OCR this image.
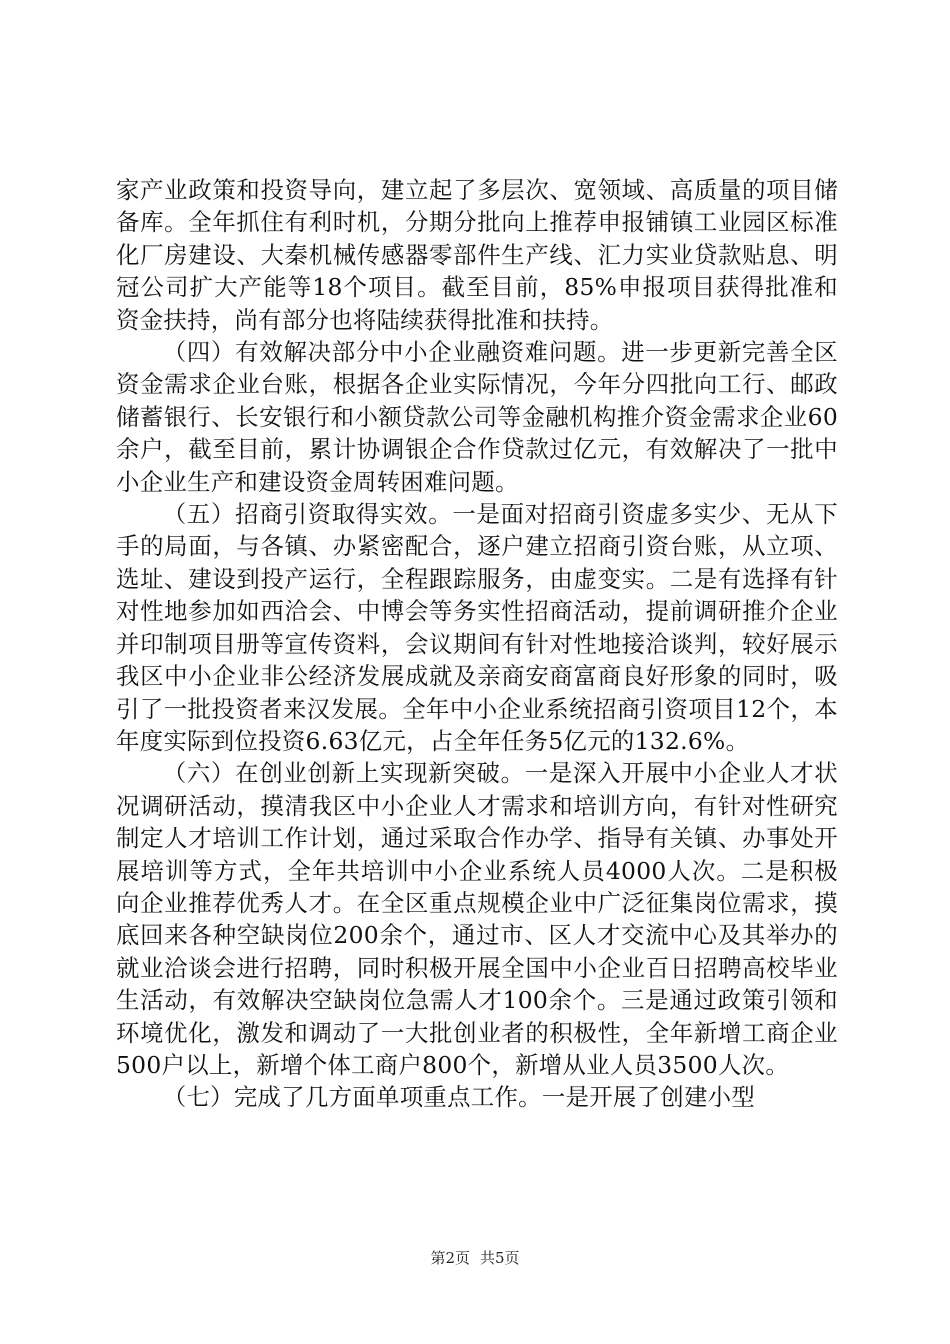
家产业政策和投资导向，建立起了多层次、宽领域、高质量的项目储备库。全年抓住有利时机，分期分批向上推荐申报铺镇工业园区标准化厂房建设、大秦机械传感器零部件生产线、汇力实业贷款贴息、明冠公司扩大产能等18个项目。截至目前，85%申报项目获得批准和资金扶持，尚有部分也将陆续获得批准和扶持。

（四）有效解决部分中小企业融资难问题。进一步更新完善全区资金需求企业台账，根据各企业实际情况，今年分四批向工行、邮政储蓄银行、长安银行和小额贷款公司等金融机构推介资金需求企业60余户，截至目前，累计协调银企合作贷款过亿元，有效解决了一批中小企业生产和建设资金周转困难问题。

（五）招商引资取得实效。一是面对招商引资虚多实少、无从下手的局面，与各镇、办紧密配合，逐户建立招商引资台账，从立项、选址、建设到投产运行，全程跟踪服务，由虚变实。二是有选择有针对性地参加如西洽会、中博会等务实性招商活动，提前调研推介企业并印制项目册等宣传资料，会议期间有针对性地接洽谈判，较好展示我区中小企业非公经济发展成就及亲商安商富商良好形象的同时，吸引了一批投资者来汉发展。全年中小企业系统招商引资项目12个，本年度实际到位投资6.63亿元，占全年任务5亿元的132.6%。

（六）在创业创新上实现新突破。一是深入开展中小企业人才状况调研活动，摸清我区中小企业人才需求和培训方向，有针对性研究制定人才培训工作计划，通过采取合作办学、指导有关镇、办事处开展培训等方式，全年共培训中小企业系统人员4000人次。二是积极向企业推荐优秀人才。在全区重点规模企业中广泛征集岗位需求，摸底回来各种空缺岗位200余个，通过市、区人才交流中心及其举办的就业洽谈会进行招聘，同时积极开展全国中小企业百日招聘高校毕业生活动，有效解决空缺岗位急需人才100余个。三是通过政策引领和环境优化，激发和调动了一大批创业者的积极性，全年新增工商企业500户以上，新增个体工商户800个，新增从业人员3500人次。

（七）完成了几方面单项重点工作。一是开展了创建小型

第2页 共5页
